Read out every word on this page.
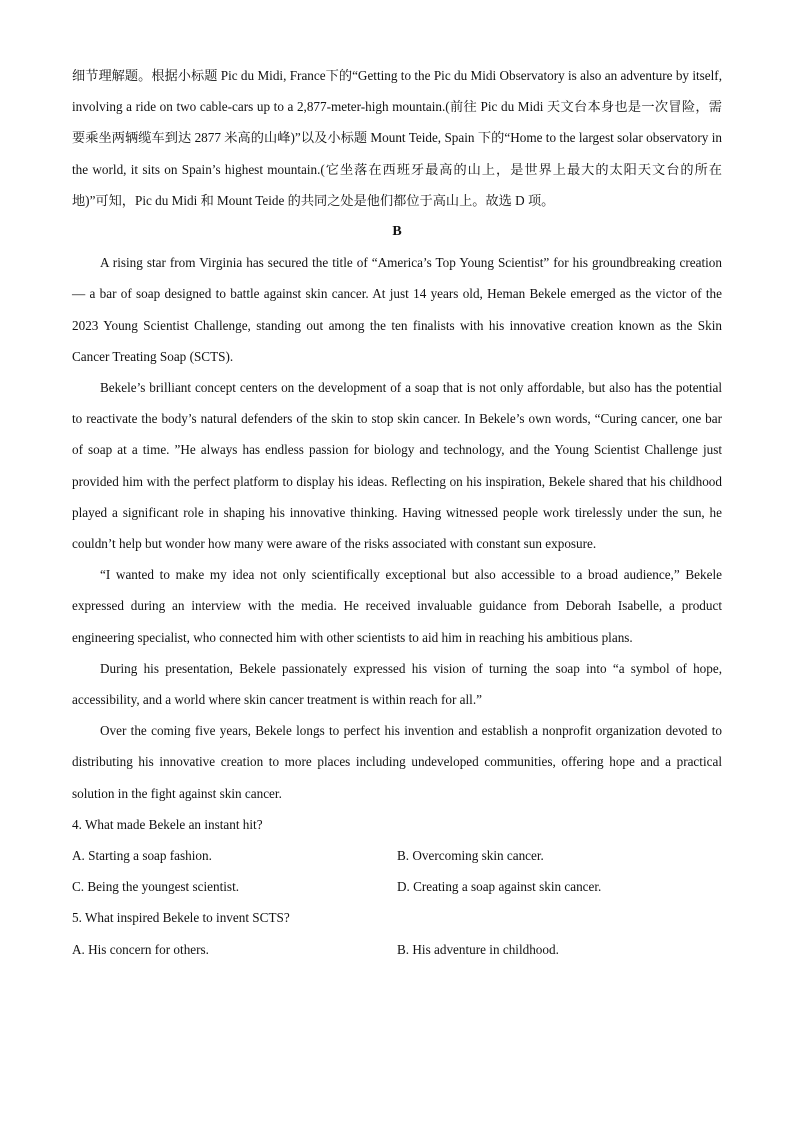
细节理解题。根据小标题 Pic du Midi, France下的“Getting to the Pic du Midi Observatory is also an adventure by itself, involving a ride on two cable-cars up to a 2,877-meter-high mountain.(前往 Pic du Midi 天文台本身也是一次冒险，需要乘坐两辆缆车到达 2877 米高的山峰)”以及小标题 Mount Teide, Spain 下的“Home to the largest solar observatory in the world, it sits on Spain’s highest mountain.(它坐落在西班牙最高的山上，是世界上最大的太阳天文台的所在地)”可知，Pic du Midi 和 Mount Teide 的共同之处是他们都位于高山上。故选 D 项。

B

A rising star from Virginia has secured the title of “America’s Top Young Scientist” for his groundbreaking creation — a bar of soap designed to battle against skin cancer. At just 14 years old, Heman Bekele emerged as the victor of the 2023 Young Scientist Challenge, standing out among the ten finalists with his innovative creation known as the Skin Cancer Treating Soap (SCTS).

Bekele’s brilliant concept centers on the development of a soap that is not only affordable, but also has the potential to reactivate the body’s natural defenders of the skin to stop skin cancer. In Bekele’s own words, “Curing cancer, one bar of soap at a time. ”He always has endless passion for biology and technology, and the Young Scientist Challenge just provided him with the perfect platform to display his ideas. Reflecting on his inspiration, Bekele shared that his childhood played a significant role in shaping his innovative thinking. Having witnessed people work tirelessly under the sun, he couldn’t help but wonder how many were aware of the risks associated with constant sun exposure.

“I wanted to make my idea not only scientifically exceptional but also accessible to a broad audience,” Bekele expressed during an interview with the media. He received invaluable guidance from Deborah Isabelle, a product engineering specialist, who connected him with other scientists to aid him in reaching his ambitious plans.

During his presentation, Bekele passionately expressed his vision of turning the soap into “a symbol of hope, accessibility, and a world where skin cancer treatment is within reach for all.”

Over the coming five years, Bekele longs to perfect his invention and establish a nonprofit organization devoted to distributing his innovative creation to more places including undeveloped communities, offering hope and a practical solution in the fight against skin cancer.

4. What made Bekele an instant hit?
A. Starting a soap fashion.	B. Overcoming skin cancer.
C. Being the youngest scientist.	D. Creating a soap against skin cancer.
5. What inspired Bekele to invent SCTS?
A. His concern for others.	B. His adventure in childhood.
